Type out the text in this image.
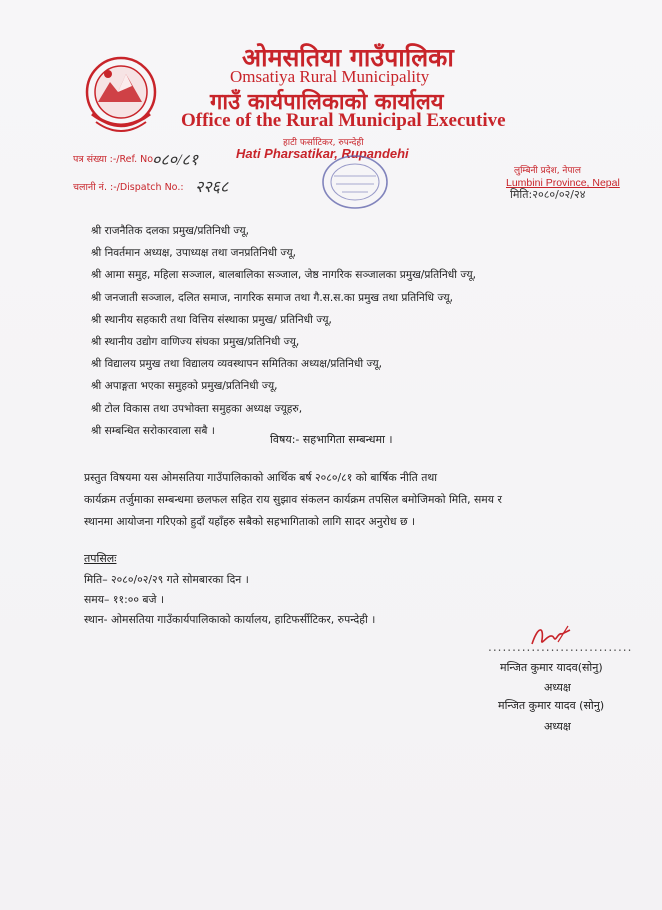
ओमसतिया गाउँपालिका
Omsatiya Rural Municipality
गाउँ कार्यपालिकाको कार्यालय
Office of the Rural Municipal Executive
हाटी फर्सा‍टिकर, रुपन्देही
Hati Pharsatikar, Rupandehi
पत्र संख्या :-/Ref. No.
०८०/८१
चलानी नं. :-/Dispatch No.: २२६८
लुम्बिनी प्रदेश, नेपाल
Lumbini Province, Nepal
मिति:२०८०/०२/२४
श्री राजनैतिक दलका प्रमुख/प्रतिनिधी ज्यू,
श्री निवर्तमान अध्यक्ष, उपाध्यक्ष तथा जनप्रतिनिधी ज्यू,
श्री आमा समुह, महिला सञ्जाल, बालबालिका सञ्जाल, जेष्ठ नागरिक सञ्जालका प्रमुख/प्रतिनिधी ज्यू,
श्री जनजाती सञ्जाल, दलित समाज, नागरिक समाज तथा गै.स.स.का प्रमुख तथा प्रतिनिधि ज्यू,
श्री स्थानीय सहकारी तथा वित्तिय संस्थाका प्रमुख/ प्रतिनिधी ज्यू,
श्री स्थानीय उद्योग वाणिज्य संघका प्रमुख/प्रतिनिधी ज्यू,
श्री विद्यालय प्रमुख तथा विद्यालय व्यवस्थापन समितिका अध्यक्ष/प्रतिनिधी ज्यू,
श्री अपाङ्गता भएका समुहको प्रमुख/प्रतिनिधी ज्यू,
श्री टोल विकास तथा उपभोक्ता समुहका अध्यक्ष ज्यूहरु,
श्री सम्बन्धित सरोकारवाला सबै ।
विषय:- सहभागिता सम्बन्धमा ।
प्रस्तुत विषयमा यस ओमसतिया गाउँपालिकाको आर्थिक बर्ष २०८०/८१ को बार्षिक नीति तथा
कार्यक्रम तर्जुमाका सम्बन्धमा छलफल सहित राय सुझाव संकलन कार्यक्रम तपसिल बमोजिमको मिति, समय र
स्थानमा आयोजना गरिएको हुदाँ यहाँहरु सबैको सहभागिताको लागि सादर अनुरोध छ ।
तपसिलः
मिति– २०८०/०२/२९ गते सोमबारका दिन ।
समय– ११:०० बजे ।
स्थान- ओमसतिया गाउँकार्यपालिकाको कार्यालय, हाटिफर्सीटिकर, रुपन्देही ।
..............................
मन्जित कुमार यादव(सोनु)
अध्यक्ष
मन्जित कुमार यादव (सोनु)
अध्यक्ष
